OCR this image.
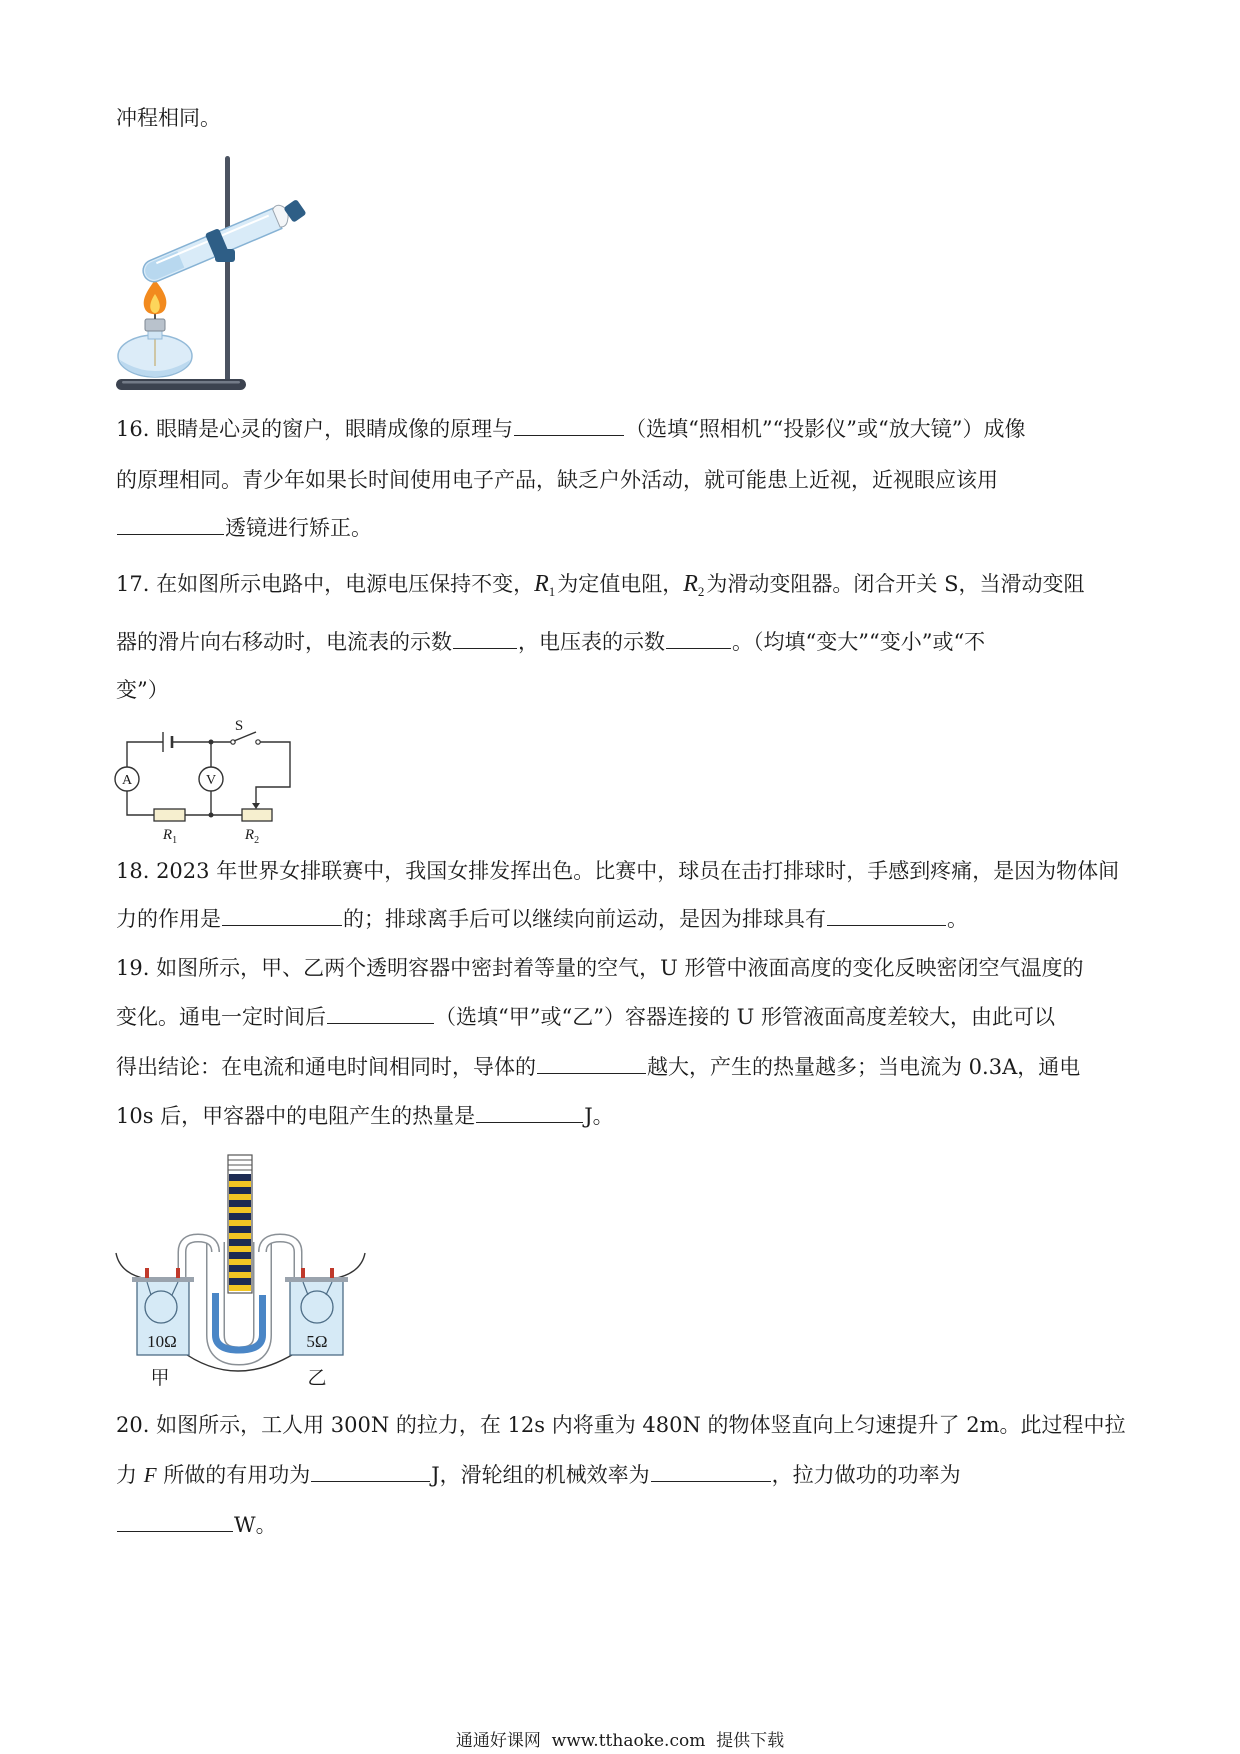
冲程相同。
16. 眼睛是心灵的窗户，眼睛成像的原理与	（选填“照相机”“投影仪”或“放大镜”）成像
的原理相同。青少年如果长时间使用电子产品，缺乏户外活动，就可能患上近视，近视眼应该用
透镜进行矫正。
17. 在如图所示电路中，电源电压保持不变，$R_1$为定值电阻，$R_2$为滑动变阻器。闭合开关 S，当滑动变阻
器的滑片向右移动时，电流表的示数	，电压表的示数	。（均填“变大”“变小”或“不
变”）
S
A	V
$R_1$	$R_2$
18. 2023 年世界女排联赛中，我国女排发挥出色。比赛中，球员在击打排球时，手感到疼痛，是因为物体间
力的作用是	的；排球离手后可以继续向前运动，是因为排球具有	。
19. 如图所示，甲、乙两个透明容器中密封着等量的空气，U 形管中液面高度的变化反映密闭空气温度的
变化。通电一定时间后	（选填“甲”或“乙”）容器连接的 U 形管液面高度差较大，由此可以
得出结论：在电流和通电时间相同时，导体的	越大，产生的热量越多；当电流为 0.3A，通电
10s 后，甲容器中的电阻产生的热量是	J。
10Ω	5Ω
甲	乙
20. 如图所示，工人用 300N 的拉力，在 12s 内将重为 480N 的物体竖直向上匀速提升了 2m。此过程中拉
力 F 所做的有用功为	J，滑轮组的机械效率为	，拉力做功的功率为
W。
通通好课网  www.tthaoke.com  提供下载
